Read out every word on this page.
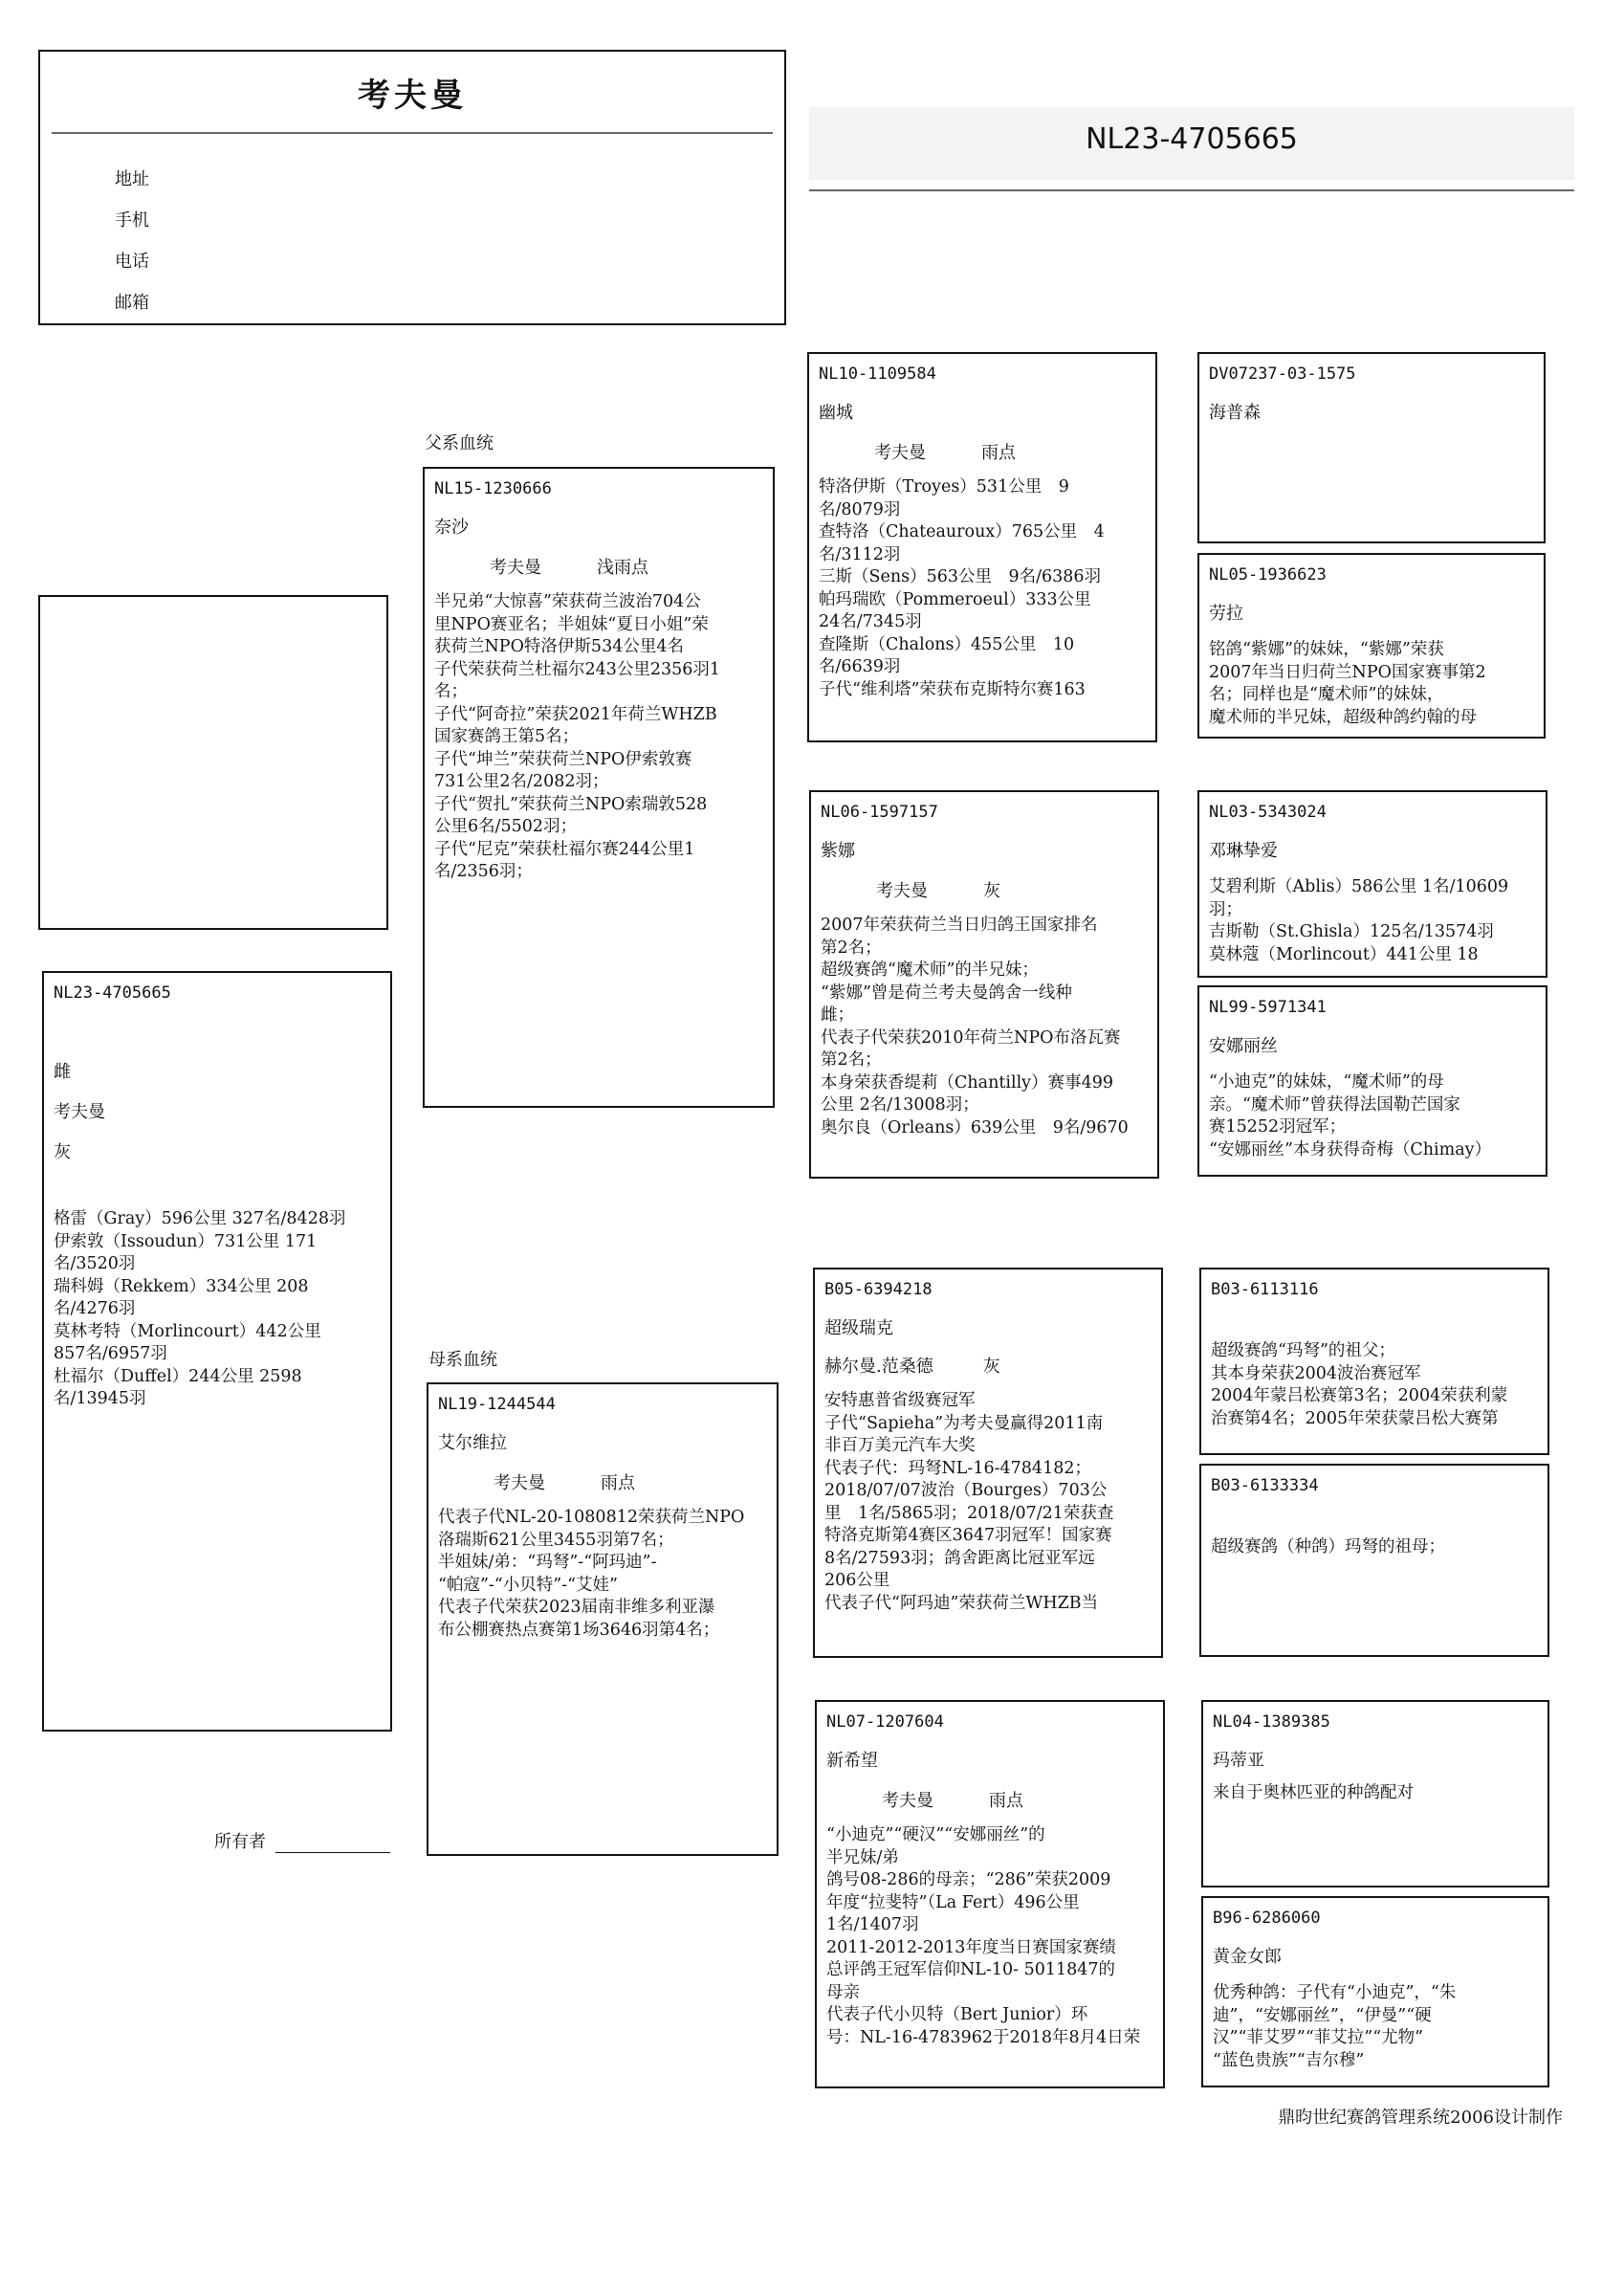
考夫曼
地址
手机
电话
邮箱
NL23-4705665
NL23-4705665
雌
考夫曼
灰
格雷（Gray）596公里 327名/8428羽
伊索敦（Issoudun）731公里 171
名/3520羽
瑞科姆（Rekkem）334公里 208
名/4276羽
莫林考特（Morlincourt）442公里
857名/6957羽
杜福尔（Duffel）244公里 2598
名/13945羽
父系血统
母系血统
NL15-1230666
奈沙
考夫曼	浅雨点
半兄弟“大惊喜”荣获荷兰波治704公
里NPO赛亚名；半姐妹“夏日小姐”荣
获荷兰NPO特洛伊斯534公里4名
子代荣获荷兰杜福尔243公里2356羽1
名；
子代“阿奇拉”荣获2021年荷兰WHZB
国家赛鸽王第5名；
子代“坤兰”荣获荷兰NPO伊索敦赛
731公里2名/2082羽；
子代“贺扎”荣获荷兰NPO索瑞敦528
公里6名/5502羽；
子代“尼克”荣获杜福尔赛244公里1
名/2356羽；
NL19-1244544
艾尔维拉
考夫曼	雨点
代表子代NL-20-1080812荣获荷兰NPO
洛瑞斯621公里3455羽第7名；
半姐妹/弟：“玛弩”-“阿玛迪”-
“帕寇”-“小贝特”-“艾娃”
代表子代荣获2023届南非维多利亚瀑
布公棚赛热点赛第1场3646羽第4名；
NL10-1109584
幽城
考夫曼	雨点
特洛伊斯（Troyes）531公里　9
名/8079羽
查特洛（Chateauroux）765公里　4
名/3112羽
三斯（Sens）563公里　9名/6386羽
帕玛瑞欧（Pommeroeul）333公里
24名/7345羽
查隆斯（Chalons）455公里　10
名/6639羽
子代“维利塔”荣获布克斯特尔赛163
NL06-1597157
紫娜
考夫曼	灰
2007年荣获荷兰当日归鸽王国家排名
第2名；
超级赛鸽“魔术师”的半兄妹；
“紫娜”曾是荷兰考夫曼鸽舍一线种
雌；
代表子代荣获2010年荷兰NPO布洛瓦赛
第2名；
本身荣获香缇莉（Chantilly）赛事499
公里 2名/13008羽；
奥尔良（Orleans）639公里　9名/9670
B05-6394218
超级瑞克
赫尔曼.范桑德	灰
安特惠普省级赛冠军
子代“Sapieha”为考夫曼赢得2011南
非百万美元汽车大奖
代表子代：玛弩NL-16-4784182；
2018/07/07波治（Bourges）703公
里　1名/5865羽；2018/07/21荣获查
特洛克斯第4赛区3647羽冠军！国家赛
8名/27593羽；鸽舍距离比冠亚军远
206公里
代表子代“阿玛迪”荣获荷兰WHZB当
NL07-1207604
新希望
考夫曼	雨点
“小迪克”“硬汉”“安娜丽丝”的
半兄妹/弟
鸽号08-286的母亲；“286”荣获2009
年度“拉斐特”（La Fert）496公里
1名/1407羽
2011-2012-2013年度当日赛国家赛绩
总评鸽王冠军信仰NL-10- 5011847的
母亲
代表子代小贝特（Bert Junior）环
号：NL-16-4783962于2018年8月4日荣
DV07237-03-1575
海普森
NL05-1936623
劳拉
铭鸽“紫娜”的妹妹，“紫娜”荣获
2007年当日归荷兰NPO国家赛事第2
名；同样也是“魔术师”的妹妹，
魔术师的半兄妹，超级种鸽约翰的母
NL03-5343024
邓琳挚爱
艾碧利斯（Ablis）586公里 1名/10609
羽；
吉斯勒（St.Ghisla）125名/13574羽
莫林蔻（Morlincout）441公里 18
NL99-5971341
安娜丽丝
“小迪克”的妹妹，“魔术师”的母
亲。“魔术师”曾获得法国勒芒国家
赛15252羽冠军；
“安娜丽丝”本身获得奇梅（Chimay）
B03-6113116
超级赛鸽“玛弩”的祖父；
其本身荣获2004波治赛冠军
2004年蒙吕松赛第3名；2004荣获利蒙
治赛第4名；2005年荣获蒙吕松大赛第
B03-6133334
超级赛鸽（种鸽）玛弩的祖母；
NL04-1389385
玛蒂亚
来自于奥林匹亚的种鸽配对
B96-6286060
黄金女郎
优秀种鸽：子代有“小迪克”，“朱
迪”，“安娜丽丝”，“伊曼”“硬
汉”“菲艾罗”“菲艾拉”“尤物”
“蓝色贵族”“吉尔穆”
所有者
鼎昀世纪赛鸽管理系统2006设计制作
